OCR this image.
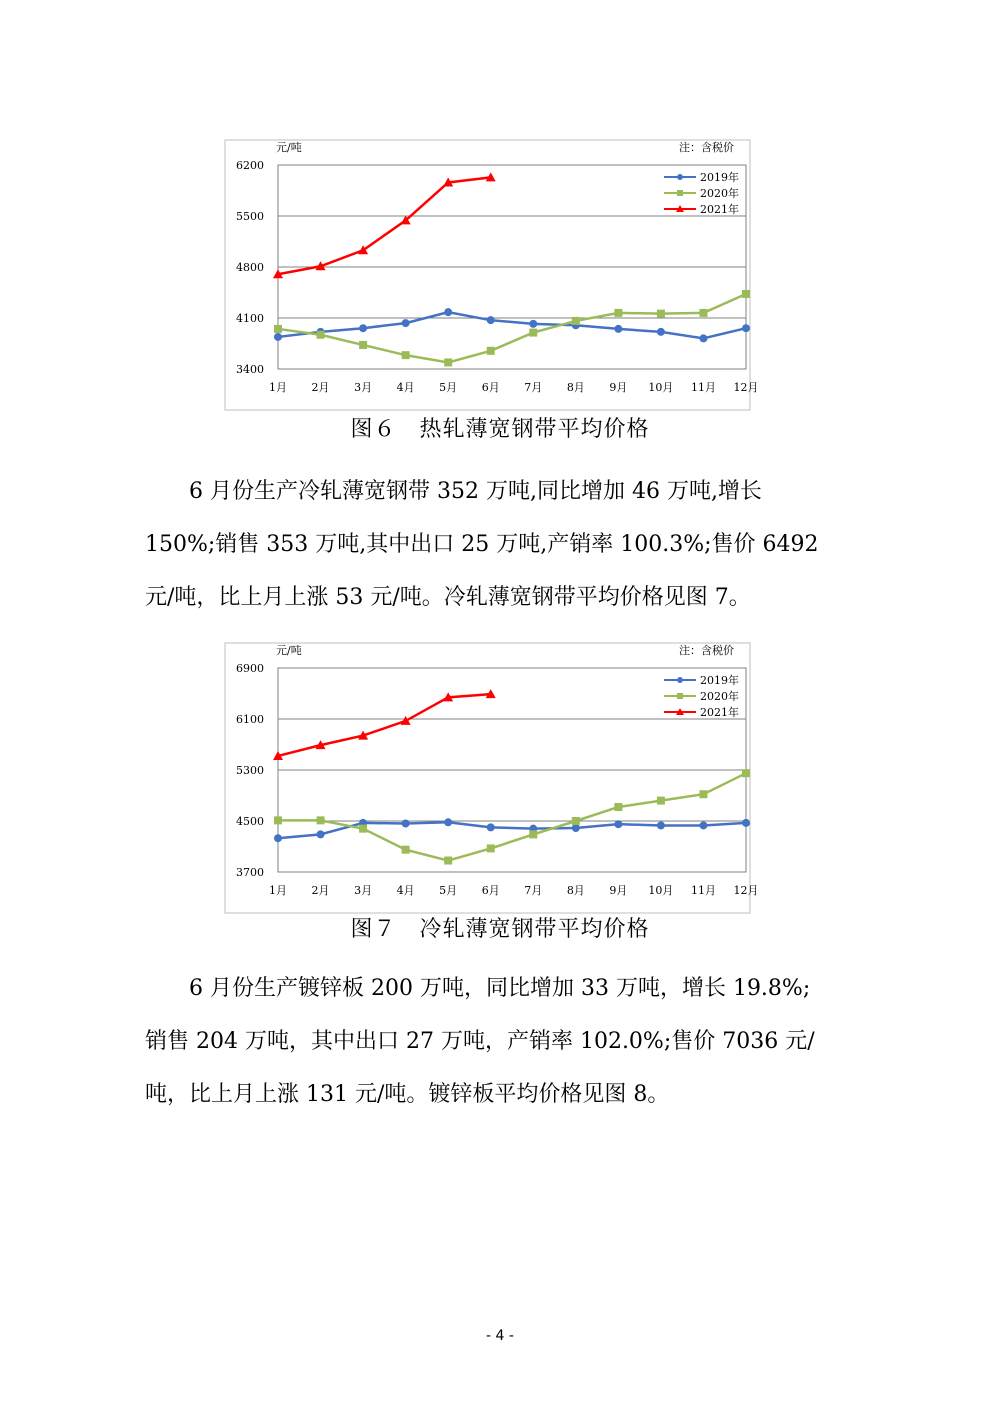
3400
4100
4800
5500
6200
1月 2月 3月 4月 5月 6月 7月 8月 9月 10月 11月 12月
元/吨	注：含税价
2019年
2020年
2021年
图６　热轧薄宽钢带平均价格
6 月份生产冷轧薄宽钢带 352 万吨,同比增加 46 万吨,增长
150%;销售 353 万吨,其中出口 25 万吨,产销率 100.3%;售价 6492
元/吨，比上月上涨 53 元/吨。冷轧薄宽钢带平均价格见图 7。
3700
4500
5300
6100
6900
1月 2月 3月 4月 5月 6月 7月 8月 9月 10月 11月 12月
元/吨	注：含税价
2019年
2020年
2021年
图７　冷轧薄宽钢带平均价格
6 月份生产镀锌板 200 万吨，同比增加 33 万吨，增长 19.8%;
销售 204 万吨，其中出口 27 万吨，产销率 102.0%;售价 7036 元/
吨，比上月上涨 131 元/吨。镀锌板平均价格见图 8。
- 4 -
